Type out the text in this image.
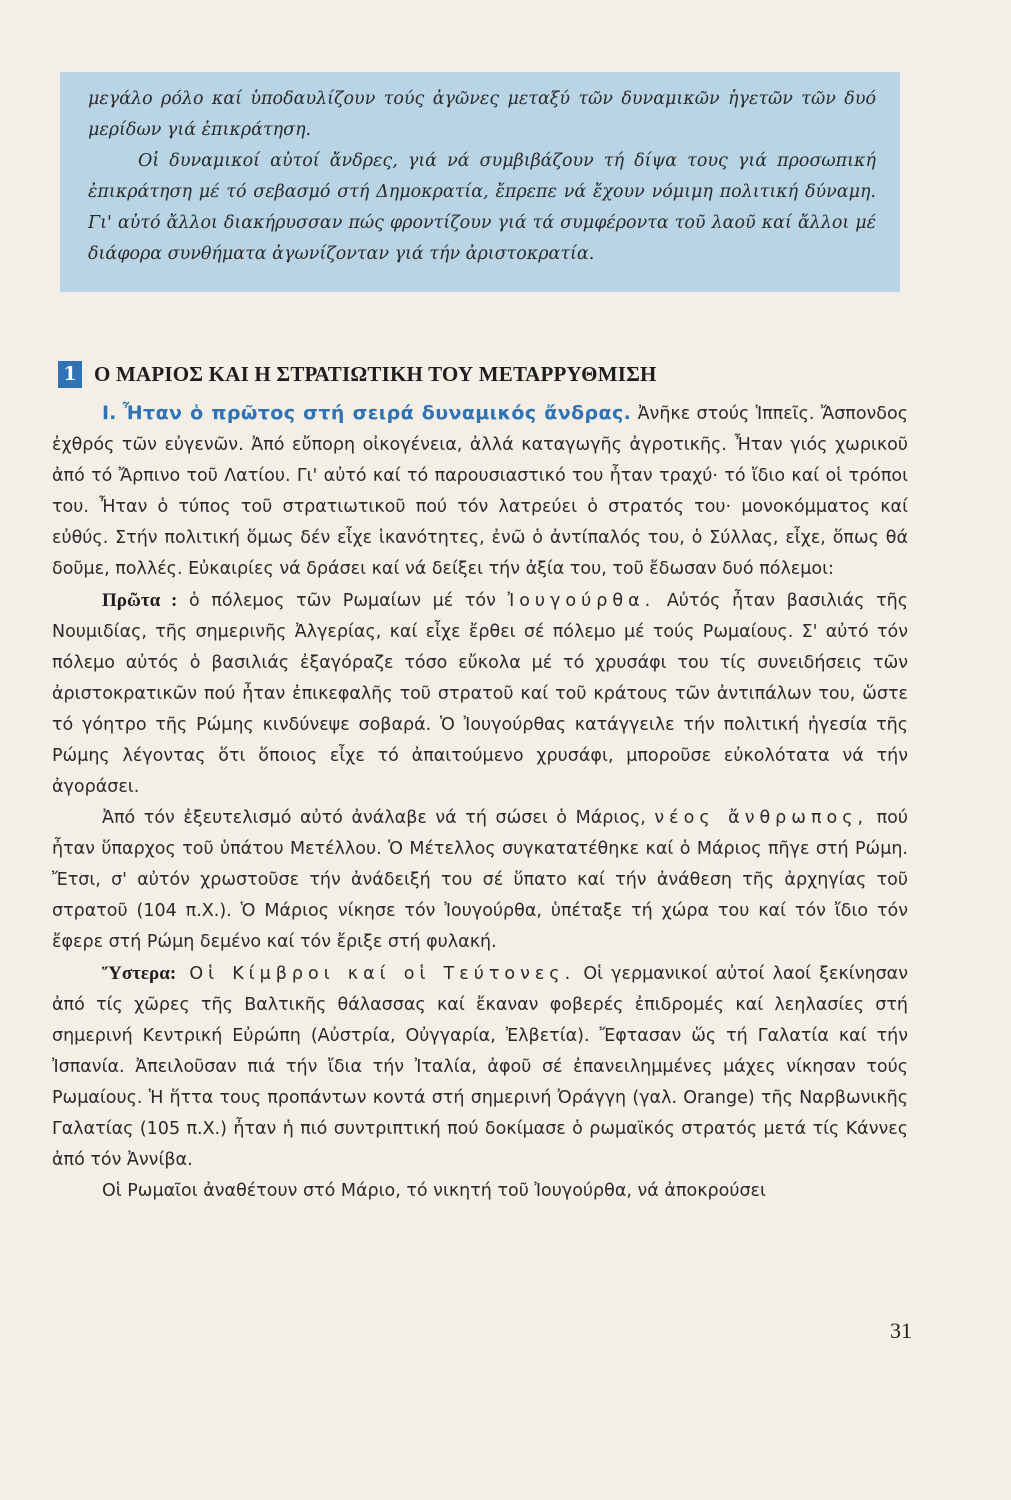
μεγάλο ρόλο καί ὑποδαυλίζουν τούς ἀγῶνες μεταξύ τῶν δυναμικῶν ἡγετῶν τῶν δυό μερίδων γιά ἐπικράτηση.

Οἱ δυναμικοί αὐτοί ἄνδρες, γιά νά συμβιβάζουν τή δίψα τους γιά προσωπική ἐπικράτηση μέ τό σεβασμό στή Δημοκρατία, ἔπρεπε νά ἔχουν νόμιμη πολιτική δύναμη. Γι' αὐτό ἄλλοι διακήρυσσαν πώς φροντίζουν γιά τά συμφέροντα τοῦ λαοῦ καί ἄλλοι μέ διάφορα συνθήματα ἀγωνίζονταν γιά τήν ἀριστοκρατία.

1 Ο ΜΑΡΙΟΣ ΚΑΙ Η ΣΤΡΑΤΙΩΤΙΚΗ ΤΟΥ ΜΕΤΑΡΡΥΘΜΙΣΗ

Ι. Ἦταν ὁ πρῶτος στή σειρά δυναμικός ἄνδρας. Ἀνῆκε στούς Ἱππεῖς. Ἄσπονδος ἐχθρός τῶν εὐγενῶν. Ἀπό εὔπορη οἰκογένεια, ἀλλά καταγωγῆς ἀγροτικῆς. Ἦταν γιός χωρικοῦ ἀπό τό Ἄρπινο τοῦ Λατίου. Γι' αὐτό καί τό παρουσιαστικό του ἦταν τραχύ· τό ἴδιο καί οἱ τρόποι του. Ἦταν ὁ τύπος τοῦ στρατιωτικοῦ πού τόν λατρεύει ὁ στρατός του· μονοκόμματος καί εὐθύς. Στήν πολιτική ὅμως δέν εἶχε ἱκανότητες, ἐνῶ ὁ ἀντίπαλός του, ὁ Σύλλας, εἶχε, ὅπως θά δοῦμε, πολλές. Εὐκαιρίες νά δράσει καί νά δείξει τήν ἀξία του, τοῦ ἔδωσαν δυό πόλεμοι:

Πρῶτα : ὁ πόλεμος τῶν Ρωμαίων μέ τόν Ἰουγούρθα. Αὐτός ἦταν βασιλιάς τῆς Νουμιδίας, τῆς σημερινῆς Ἀλγερίας, καί εἶχε ἔρθει σέ πόλεμο μέ τούς Ρωμαίους. Σ' αὐτό τόν πόλεμο αὐτός ὁ βασιλιάς ἐξαγόραζε τόσο εὔκολα μέ τό χρυσάφι του τίς συνειδήσεις τῶν ἀριστοκρατικῶν πού ἦταν ἐπικεφαλῆς τοῦ στρατοῦ καί τοῦ κράτους τῶν ἀντιπάλων του, ὥστε τό γόητρο τῆς Ρώμης κινδύνεψε σοβαρά. Ὁ Ἰουγούρθας κατάγγειλε τήν πολιτική ἡγεσία τῆς Ρώμης λέγοντας ὅτι ὅποιος εἶχε τό ἀπαιτούμενο χρυσάφι, μποροῦσε εὐκολότατα νά τήν ἀγοράσει.

Ἀπό τόν ἐξευτελισμό αὐτό ἀνάλαβε νά τή σώσει ὁ Μάριος, νέος ἄνθρωπος, πού ἦταν ὕπαρχος τοῦ ὑπάτου Μετέλλου. Ὁ Μέτελλος συγκατατέθηκε καί ὁ Μάριος πῆγε στή Ρώμη. Ἔτσι, σ' αὐτόν χρωστοῦσε τήν ἀνάδειξή του σέ ὕπατο καί τήν ἀνάθεση τῆς ἀρχηγίας τοῦ στρατοῦ (104 π.Χ.). Ὁ Μάριος νίκησε τόν Ἰουγούρθα, ὑπέταξε τή χώρα του καί τόν ἴδιο τόν ἔφερε στή Ρώμη δεμένο καί τόν ἔριξε στή φυλακή.

Ὕστερα: Οἱ Κίμβροι καί οἱ Τεύτονες. Οἱ γερμανικοί αὐτοί λαοί ξεκίνησαν ἀπό τίς χῶρες τῆς Βαλτικῆς θάλασσας καί ἔκαναν φοβερές ἐπιδρομές καί λεηλασίες στή σημερινή Κεντρική Εὐρώπη (Αὐστρία, Οὐγγαρία, Ἐλβετία). Ἔφτασαν ὥς τή Γαλατία καί τήν Ἰσπανία. Ἀπειλοῦσαν πιά τήν ἴδια τήν Ἰταλία, ἀφοῦ σέ ἐπανειλημμένες μάχες νίκησαν τούς Ρωμαίους. Ἡ ἥττα τους προπάντων κοντά στή σημερινή Ὀράγγη (γαλ. Orange) τῆς Ναρβωνικῆς Γαλατίας (105 π.Χ.) ἦταν ἡ πιό συντριπτική πού δοκίμασε ὁ ρωμαϊκός στρατός μετά τίς Κάννες ἀπό τόν Ἀννίβα.

Οἱ Ρωμαῖοι ἀναθέτουν στό Μάριο, τό νικητή τοῦ Ἰουγούρθα, νά ἀποκρούσει

31
